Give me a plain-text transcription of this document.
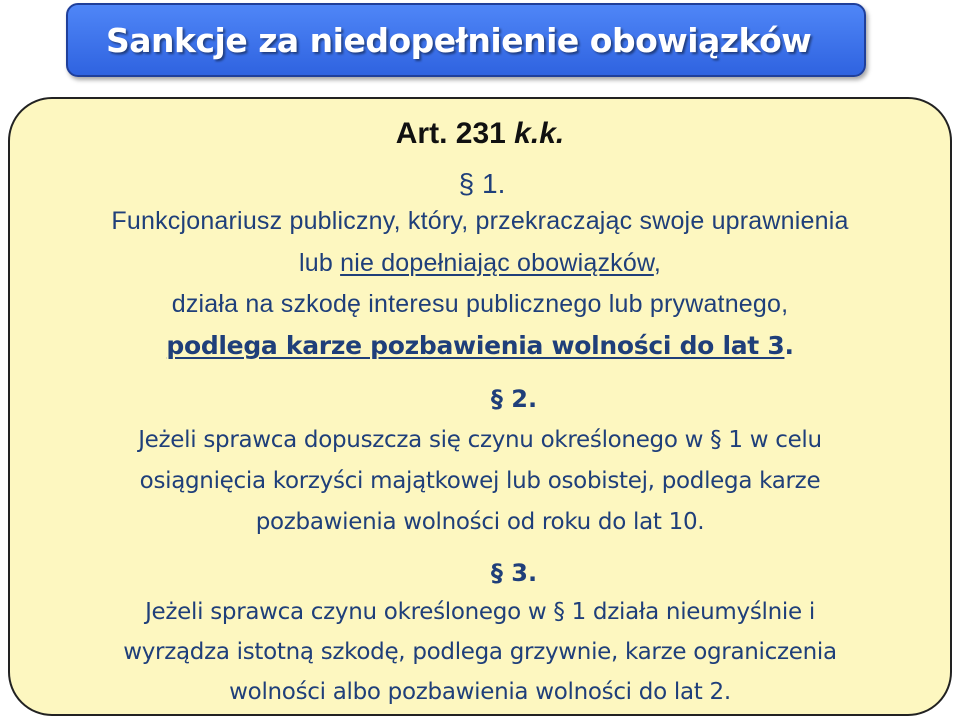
Sankcje za niedopełnienie obowiązków
Art. 231 k.k.
§ 1.
Funkcjonariusz publiczny, który, przekraczając swoje uprawnienia
lub nie dopełniając obowiązków,
działa na szkodę interesu publicznego lub prywatnego,
podlega karze pozbawienia wolności do lat 3.
§ 2.
Jeżeli sprawca dopuszcza się czynu określonego w § 1 w celu
osiągnięcia korzyści majątkowej lub osobistej, podlega karze
pozbawienia wolności od roku do lat 10.
§ 3.
Jeżeli sprawca czynu określonego w § 1 działa nieumyślnie i
wyrządza istotną szkodę, podlega grzywnie, karze ograniczenia
wolności albo pozbawienia wolności do lat 2.
